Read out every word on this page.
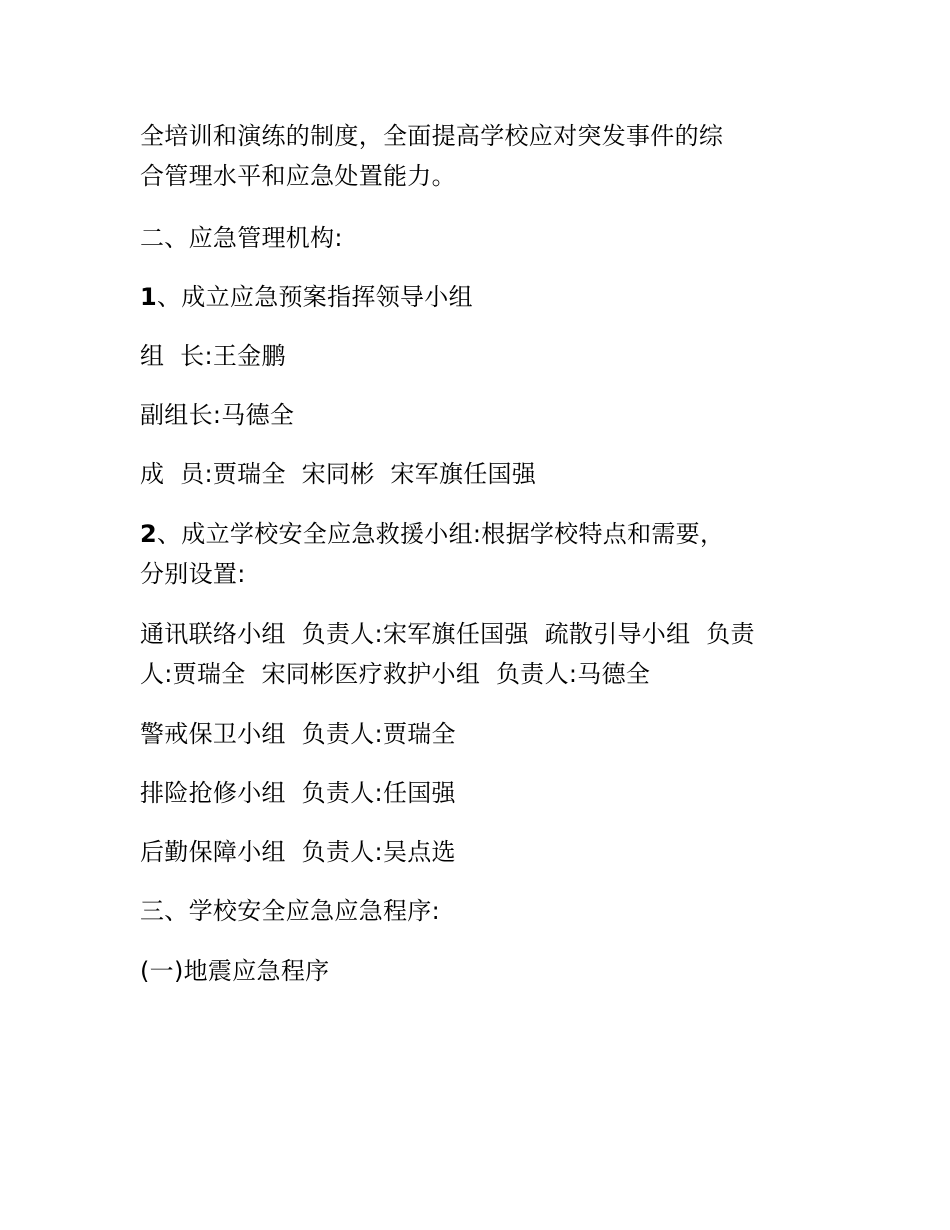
全培训和演练的制度，全面提高学校应对突发事件的综
合管理水平和应急处置能力。

二、应急管理机构:

1、成立应急预案指挥领导小组

组  长:王金鹏

副组长:马德全

成  员:贾瑞全  宋同彬  宋军旗任国强

2、成立学校安全应急救援小组:根据学校特点和需要，
分别设置:

通讯联络小组  负责人:宋军旗任国强  疏散引导小组  负责
人:贾瑞全  宋同彬医疗救护小组  负责人:马德全

警戒保卫小组  负责人:贾瑞全

排险抢修小组  负责人:任国强

后勤保障小组  负责人:吴点选

三、学校安全应急应急程序:

(一)地震应急程序
